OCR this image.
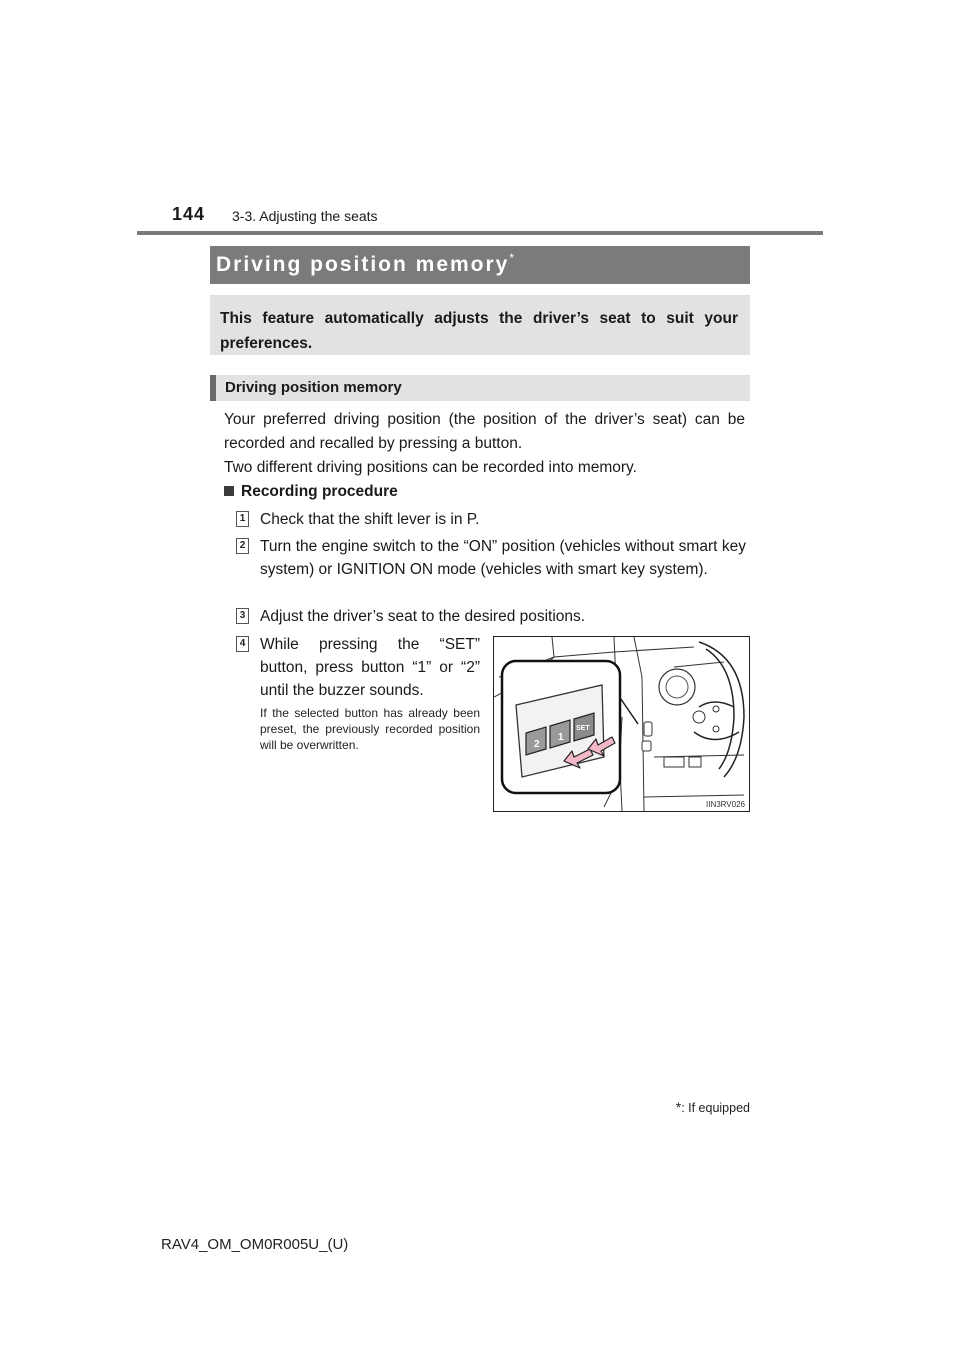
144 3-3. Adjusting the seats
Driving position memory*
This feature automatically adjusts the driver’s seat to suit your preferences.
Driving position memory
Your preferred driving position (the position of the driver’s seat) can be recorded and recalled by pressing a button.
Two different driving positions can be recorded into memory.
Recording procedure
1 Check that the shift lever is in P.
2 Turn the engine switch to the “ON” position (vehicles without smart key system) or IGNITION ON mode (vehicles with smart key system).
3 Adjust the driver’s seat to the desired positions.
4 While pressing the “SET” button, press button “1” or “2” until the buzzer sounds.
If the selected button has already been preset, the previously recorded position will be overwritten.	2
1
SET
IIN3RV026
*: If equipped
RAV4_OM_OM0R005U_(U)
